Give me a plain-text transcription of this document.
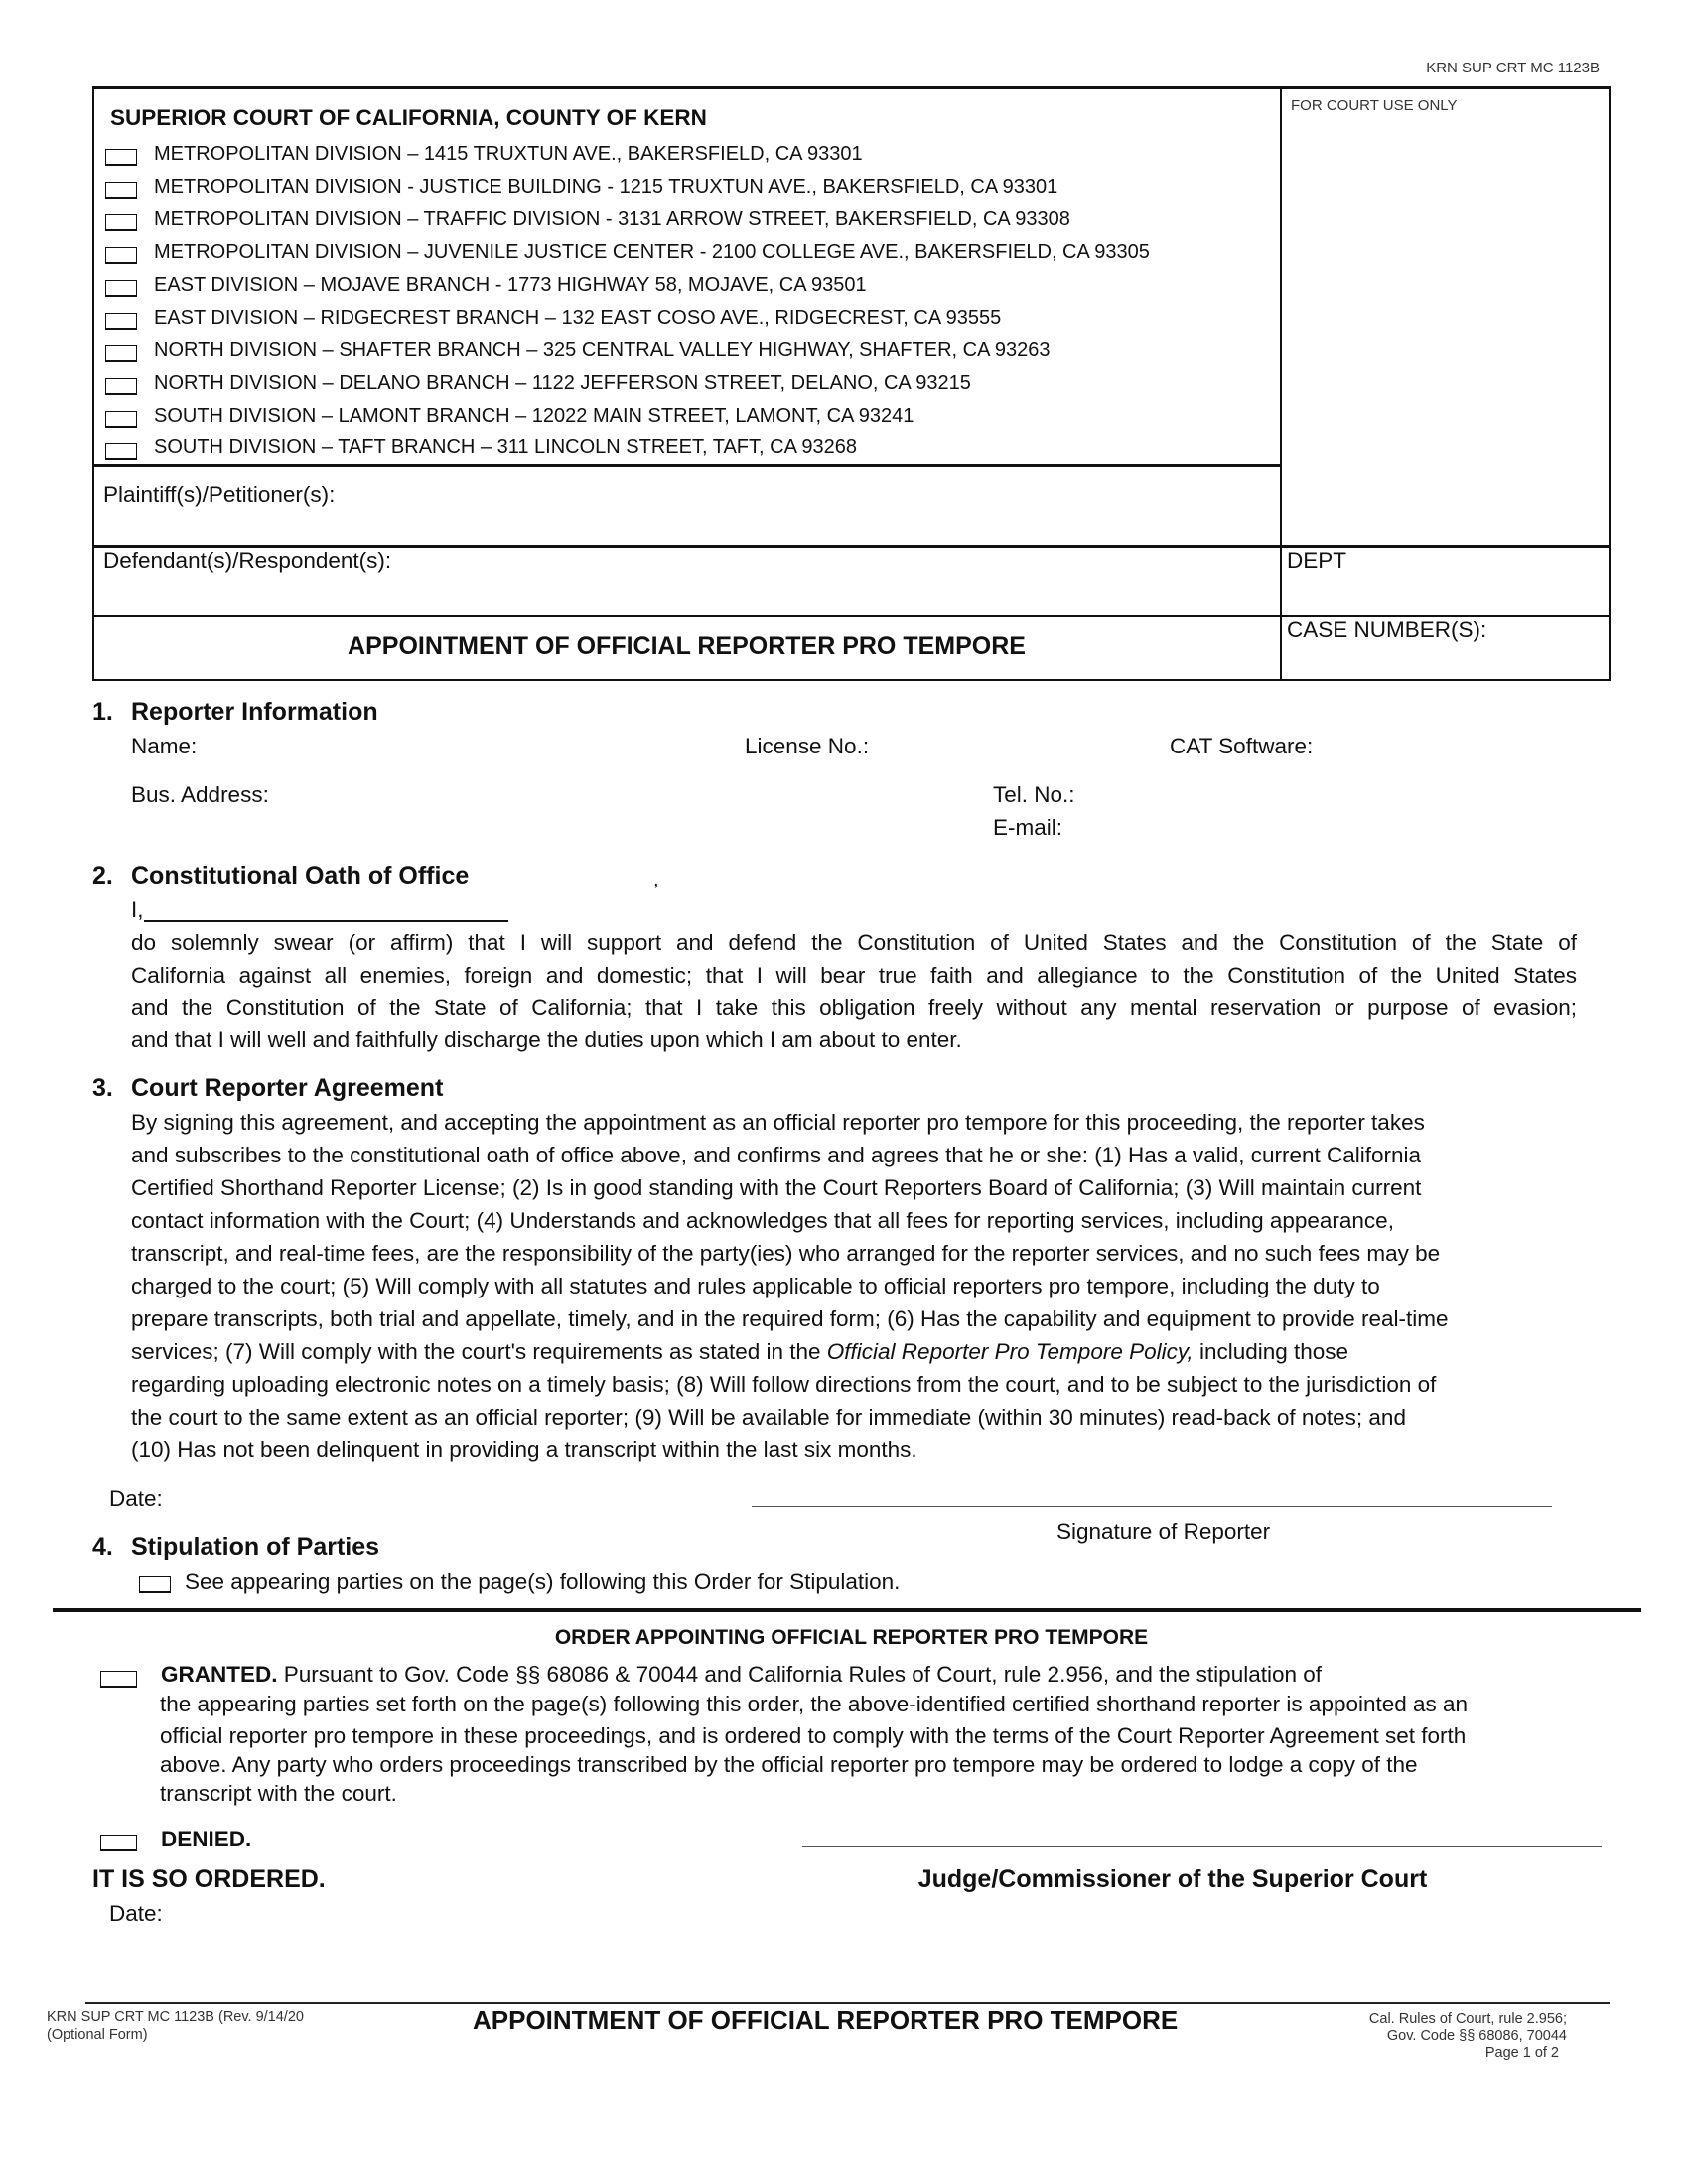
KRN SUP CRT MC 1123B
SUPERIOR COURT OF CALIFORNIA, COUNTY OF KERN	FOR COURT USE ONLY
METROPOLITAN DIVISION – 1415 TRUXTUN AVE., BAKERSFIELD, CA 93301
METROPOLITAN DIVISION - JUSTICE BUILDING - 1215 TRUXTUN AVE., BAKERSFIELD, CA 93301
METROPOLITAN DIVISION – TRAFFIC DIVISION - 3131 ARROW STREET, BAKERSFIELD, CA 93308
METROPOLITAN DIVISION – JUVENILE JUSTICE CENTER - 2100 COLLEGE AVE., BAKERSFIELD, CA 93305
EAST DIVISION – MOJAVE BRANCH - 1773 HIGHWAY 58, MOJAVE, CA 93501
EAST DIVISION – RIDGECREST BRANCH – 132 EAST COSO AVE., RIDGECREST, CA 93555
NORTH DIVISION – SHAFTER BRANCH – 325 CENTRAL VALLEY HIGHWAY, SHAFTER, CA 93263
NORTH DIVISION – DELANO BRANCH – 1122 JEFFERSON STREET, DELANO, CA 93215
SOUTH DIVISION – LAMONT BRANCH – 12022 MAIN STREET, LAMONT, CA 93241
SOUTH DIVISION – TAFT BRANCH – 311 LINCOLN STREET, TAFT, CA 93268
Plaintiff(s)/Petitioner(s):
Defendant(s)/Respondent(s):	DEPT
CASE NUMBER(S):
APPOINTMENT OF OFFICIAL REPORTER PRO TEMPORE
1. Reporter Information
Name:	License No.:	CAT Software:
Bus. Address:	Tel. No.:
E-mail:
2. Constitutional Oath of Office	,
I,
do solemnly swear (or affirm) that I will support and defend the Constitution of United States and the Constitution of the State of
California against all enemies, foreign and domestic; that I will bear true faith and allegiance to the Constitution of the United States
and the Constitution of the State of California; that I take this obligation freely without any mental reservation or purpose of evasion;
and that I will well and faithfully discharge the duties upon which I am about to enter.
3. Court Reporter Agreement
By signing this agreement, and accepting the appointment as an official reporter pro tempore for this proceeding, the reporter takes
and subscribes to the constitutional oath of office above, and confirms and agrees that he or she: (1) Has a valid, current California
Certified Shorthand Reporter License; (2) Is in good standing with the Court Reporters Board of California; (3) Will maintain current
contact information with the Court; (4) Understands and acknowledges that all fees for reporting services, including appearance,
transcript, and real-time fees, are the responsibility of the party(ies) who arranged for the reporter services, and no such fees may be
charged to the court; (5) Will comply with all statutes and rules applicable to official reporters pro tempore, including the duty to
prepare transcripts, both trial and appellate, timely, and in the required form; (6) Has the capability and equipment to provide real-time
services; (7) Will comply with the court's requirements as stated in the Official Reporter Pro Tempore Policy, including those
regarding uploading electronic notes on a timely basis; (8) Will follow directions from the court, and to be subject to the jurisdiction of
the court to the same extent as an official reporter; (9) Will be available for immediate (within 30 minutes) read-back of notes; and
(10) Has not been delinquent in providing a transcript within the last six months.
Date:
Signature of Reporter
4. Stipulation of Parties
See appearing parties on the page(s) following this Order for Stipulation.
ORDER APPOINTING OFFICIAL REPORTER PRO TEMPORE
GRANTED. Pursuant to Gov. Code §§ 68086 & 70044 and California Rules of Court, rule 2.956, and the stipulation of
the appearing parties set forth on the page(s) following this order, the above-identified certified shorthand reporter is appointed as an
official reporter pro tempore in these proceedings, and is ordered to comply with the terms of the Court Reporter Agreement set forth
above. Any party who orders proceedings transcribed by the official reporter pro tempore may be ordered to lodge a copy of the
transcript with the court.
DENIED.
IT IS SO ORDERED.	Judge/Commissioner of the Superior Court
Date:
KRN SUP CRT MC 1123B (Rev. 9/14/20
(Optional Form)	APPOINTMENT OF OFFICIAL REPORTER PRO TEMPORE	Cal. Rules of Court, rule 2.956;
Gov. Code §§ 68086, 70044
Page 1 of 2
